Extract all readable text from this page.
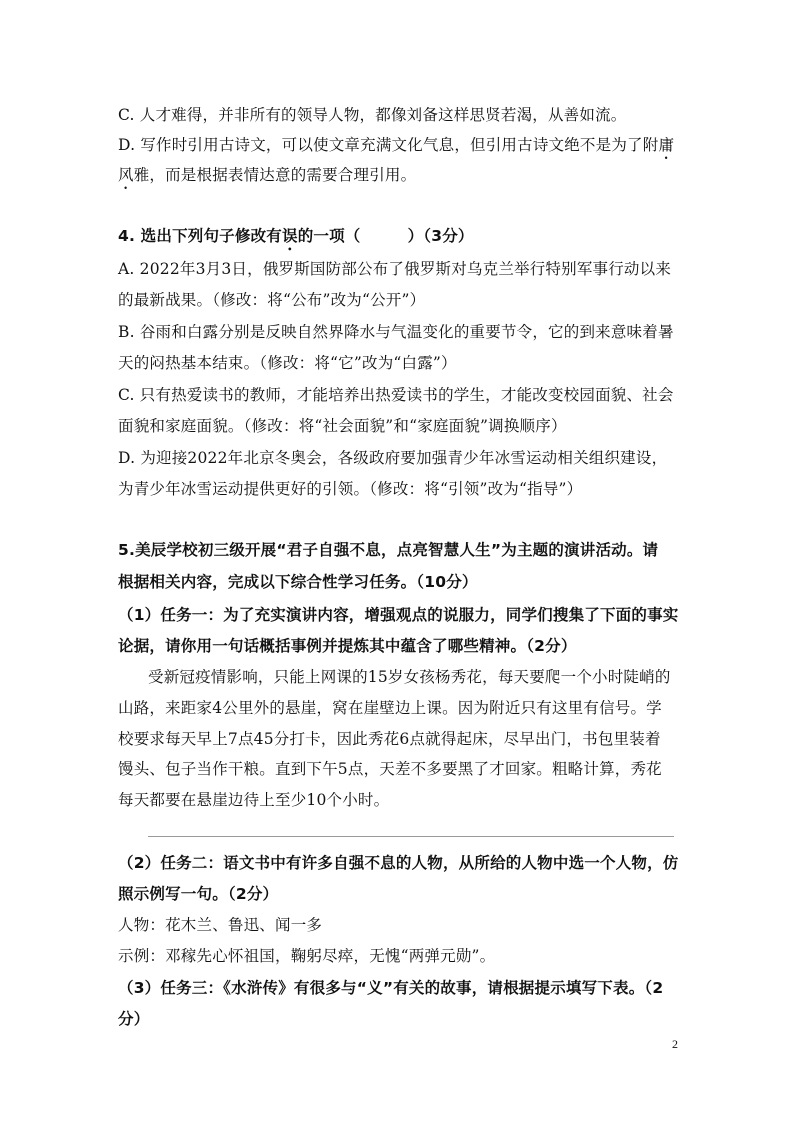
C. 人才难得，并非所有的领导人物，都像刘备这样思贤若渴，从善如流。
D. 写作时引用古诗文，可以使文章充满文化气息，但引用古诗文绝不是为了附庸
风雅，而是根据表情达意的需要合理引用。
4. 选出下列句子修改有误的一项（　　　）（3分）
A. 2022年3月3日，俄罗斯国防部公布了俄罗斯对乌克兰举行特别军事行动以来
的最新战果。（修改：将“公布”改为“公开”）
B. 谷雨和白露分别是反映自然界降水与气温变化的重要节令，它的到来意味着暑
天的闷热基本结束。（修改：将“它”改为“白露”）
C. 只有热爱读书的教师，才能培养出热爱读书的学生，才能改变校园面貌、社会
面貌和家庭面貌。（修改：将“社会面貌”和“家庭面貌”调换顺序）
D. 为迎接2022年北京冬奥会，各级政府要加强青少年冰雪运动相关组织建设，
为青少年冰雪运动提供更好的引领。（修改：将“引领”改为“指导”）
5.美辰学校初三级开展“君子自强不息，点亮智慧人生”为主题的演讲活动。请
根据相关内容，完成以下综合性学习任务。（10分）
（1）任务一：为了充实演讲内容，增强观点的说服力，同学们搜集了下面的事实
论据，请你用一句话概括事例并提炼其中蕴含了哪些精神。（2分）
受新冠疫情影响，只能上网课的15岁女孩杨秀花，每天要爬一个小时陡峭的
山路，来距家4公里外的悬崖，窝在崖壁边上课。因为附近只有这里有信号。学
校要求每天早上7点45分打卡，因此秀花6点就得起床，尽早出门，书包里装着
馒头、包子当作干粮。直到下午5点，天差不多要黑了才回家。粗略计算，秀花
每天都要在悬崖边待上至少10个小时。
（2）任务二：语文书中有许多自强不息的人物，从所给的人物中选一个人物，仿
照示例写一句。（2分）
人物：花木兰、鲁迅、闻一多
示例：邓稼先心怀祖国，鞠躬尽瘁，无愧“两弹元勋”。
（3）任务三：《水浒传》有很多与“义”有关的故事，请根据提示填写下表。（2
分）
2
